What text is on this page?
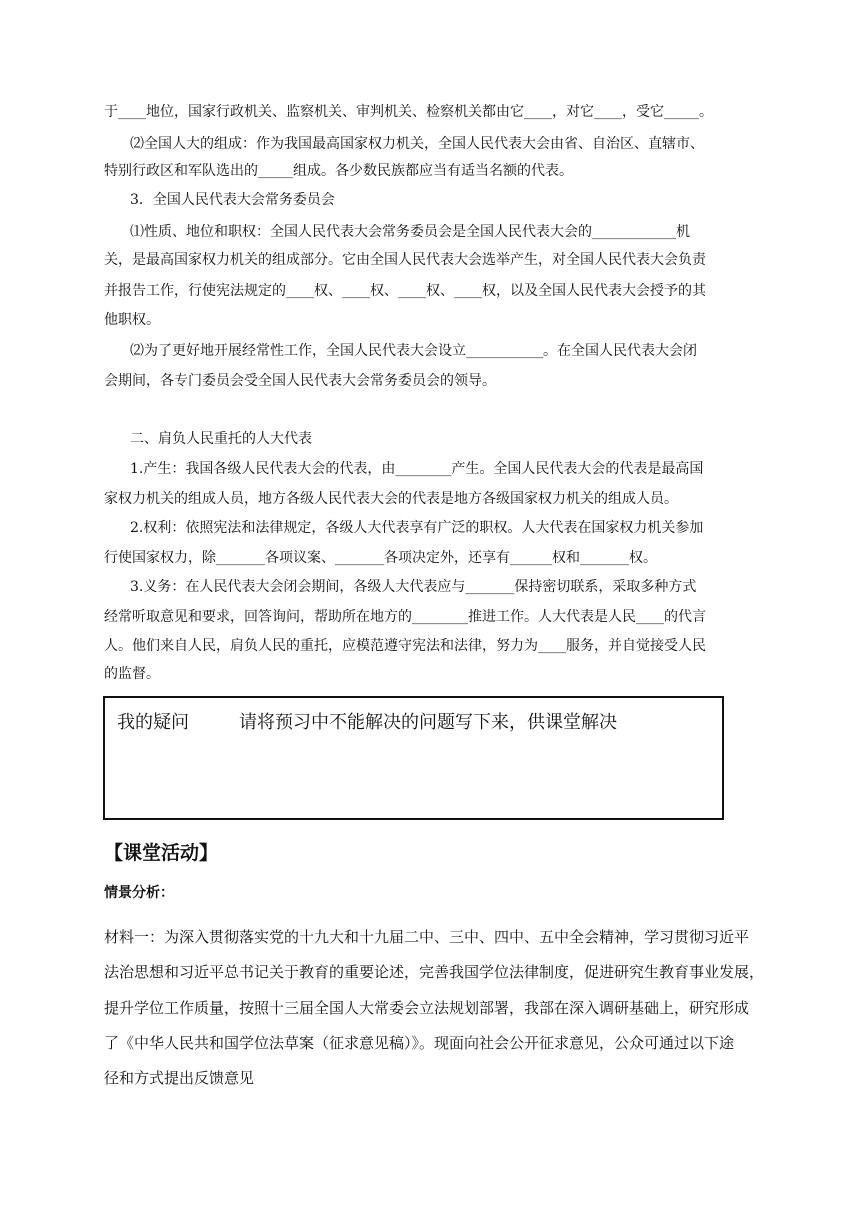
于____地位，国家行政机关、监察机关、审判机关、检察机关都由它____，对它____，受它_____。
⑵全国人大的组成：作为我国最高国家权力机关，全国人民代表大会由省、自治区、直辖市、
特别行政区和军队选出的_____组成。各少数民族都应当有适当名额的代表。
3．全国人民代表大会常务委员会
⑴性质、地位和职权：全国人民代表大会常务委员会是全国人民代表大会的____________机
关，是最高国家权力机关的组成部分。它由全国人民代表大会选举产生，对全国人民代表大会负责
并报告工作，行使宪法规定的____权、____权、____权、____权，以及全国人民代表大会授予的其
他职权。
⑵为了更好地开展经常性工作，全国人民代表大会设立___________。在全国人民代表大会闭
会期间，各专门委员会受全国人民代表大会常务委员会的领导。
二、肩负人民重托的人大代表
1.产生：我国各级人民代表大会的代表，由________产生。全国人民代表大会的代表是最高国
家权力机关的组成人员，地方各级人民代表大会的代表是地方各级国家权力机关的组成人员。
2.权利：依照宪法和法律规定，各级人大代表享有广泛的职权。人大代表在国家权力机关参加
行使国家权力，除_______各项议案、_______各项决定外，还享有______权和_______权。
3.义务：在人民代表大会闭会期间，各级人大代表应与_______保持密切联系，采取多种方式
经常听取意见和要求，回答询问，帮助所在地方的________推进工作。人大代表是人民____的代言
人。他们来自人民，肩负人民的重托，应模范遵守宪法和法律，努力为____服务，并自觉接受人民
的监督。
我的疑问	请将预习中不能解决的问题写下来，供课堂解决
【课堂活动】
情景分析：
材料一：为深入贯彻落实党的十九大和十九届二中、三中、四中、五中全会精神，学习贯彻习近平
法治思想和习近平总书记关于教育的重要论述，完善我国学位法律制度，促进研究生教育事业发展，
提升学位工作质量，按照十三届全国人大常委会立法规划部署，我部在深入调研基础上，研究形成
了《中华人民共和国学位法草案（征求意见稿）》。现面向社会公开征求意见，公众可通过以下途
径和方式提出反馈意见
